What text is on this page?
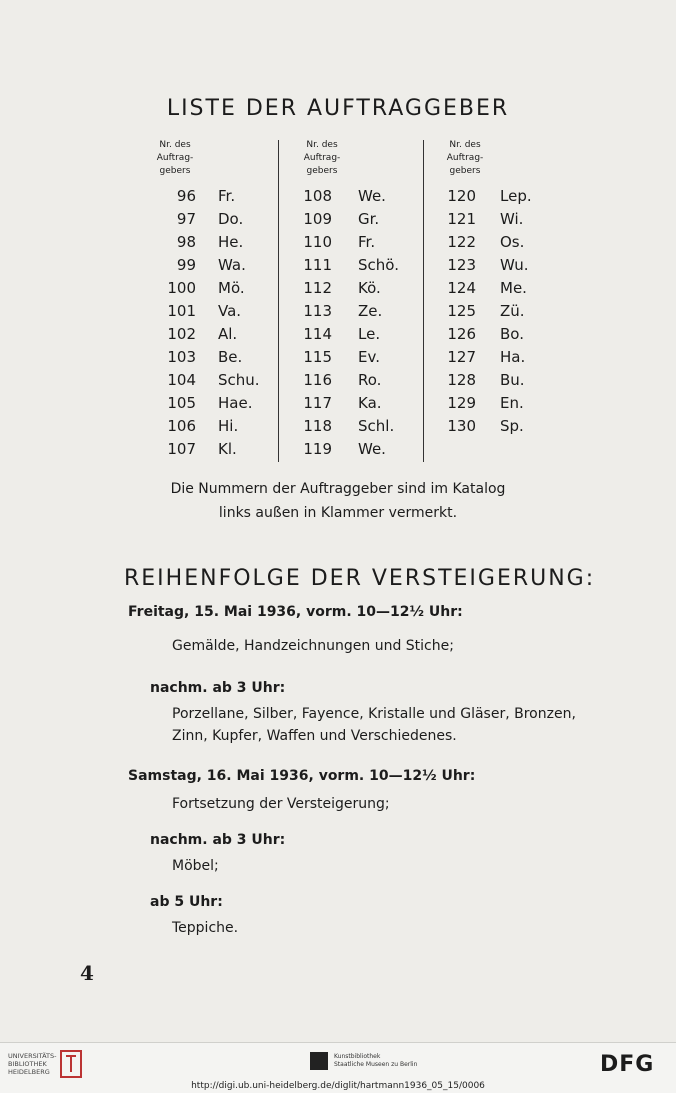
LISTE DER AUFTRAGGEBER
Nr. des
Auftrag-
gebers
Nr. des
Auftrag-
gebers
Nr. des
Auftrag-
gebers
96 Fr.
97 Do.
98 He.
99 Wa.
100 Mö.
101 Va.
102 Al.
103 Be.
104 Schu.
105 Hae.
106 Hi.
107 Kl.
108 We.
109 Gr.
110 Fr.
111 Schö.
112 Kö.
113 Ze.
114 Le.
115 Ev.
116 Ro.
117 Ka.
118 Schl.
119 We.
120 Lep.
121 Wi.
122 Os.
123 Wu.
124 Me.
125 Zü.
126 Bo.
127 Ha.
128 Bu.
129 En.
130 Sp.
Die Nummern der Auftraggeber sind im Katalog
links außen in Klammer vermerkt.
REIHENFOLGE DER VERSTEIGERUNG:
Freitag, 15. Mai 1936, vorm. 10—12½ Uhr:
Gemälde, Handzeichnungen und Stiche;
nachm. ab 3 Uhr:
Porzellane, Silber, Fayence, Kristalle und Gläser, Bronzen,
Zinn, Kupfer, Waffen und Verschiedenes.
Samstag, 16. Mai 1936, vorm. 10—12½ Uhr:
Fortsetzung der Versteigerung;
nachm. ab 3 Uhr:
Möbel;
ab 5 Uhr:
Teppiche.
4
UNIVERSITÄTS-
BIBLIOTHEK
HEIDELBERG
Kunstbibliothek
Staatliche Museen zu Berlin	DFG
http://digi.ub.uni-heidelberg.de/diglit/hartmann1936_05_15/0006
